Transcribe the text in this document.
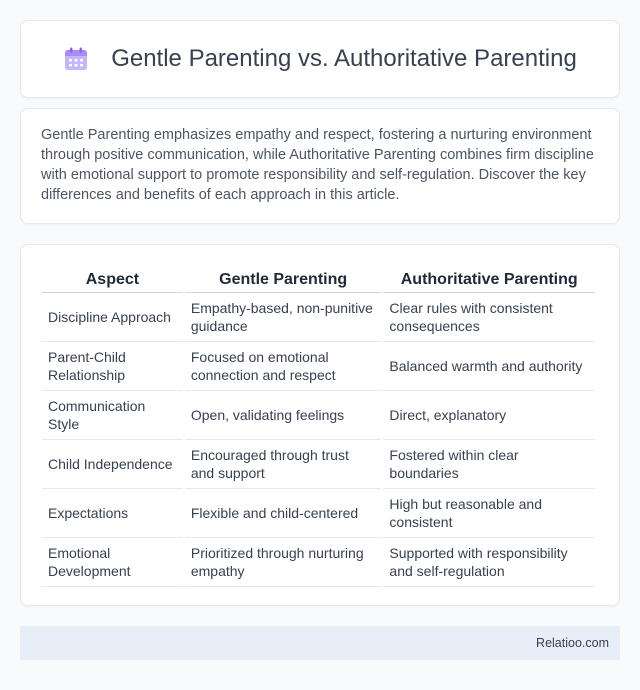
Gentle Parenting vs. Authoritative Parenting

Gentle Parenting emphasizes empathy and respect, fostering a nurturing environment through positive communication, while Authoritative Parenting combines firm discipline with emotional support to promote responsibility and self-regulation. Discover the key differences and benefits of each approach in this article.

Aspect	Gentle Parenting	Authoritative Parenting
Discipline Approach	Empathy-based, non-punitive guidance	Clear rules with consistent consequences
Parent-Child Relationship	Focused on emotional connection and respect	Balanced warmth and authority
Communication Style	Open, validating feelings	Direct, explanatory
Child Independence	Encouraged through trust and support	Fostered within clear boundaries
Expectations	Flexible and child-centered	High but reasonable and consistent
Emotional Development	Prioritized through nurturing empathy	Supported with responsibility and self-regulation
Relatioo.com
